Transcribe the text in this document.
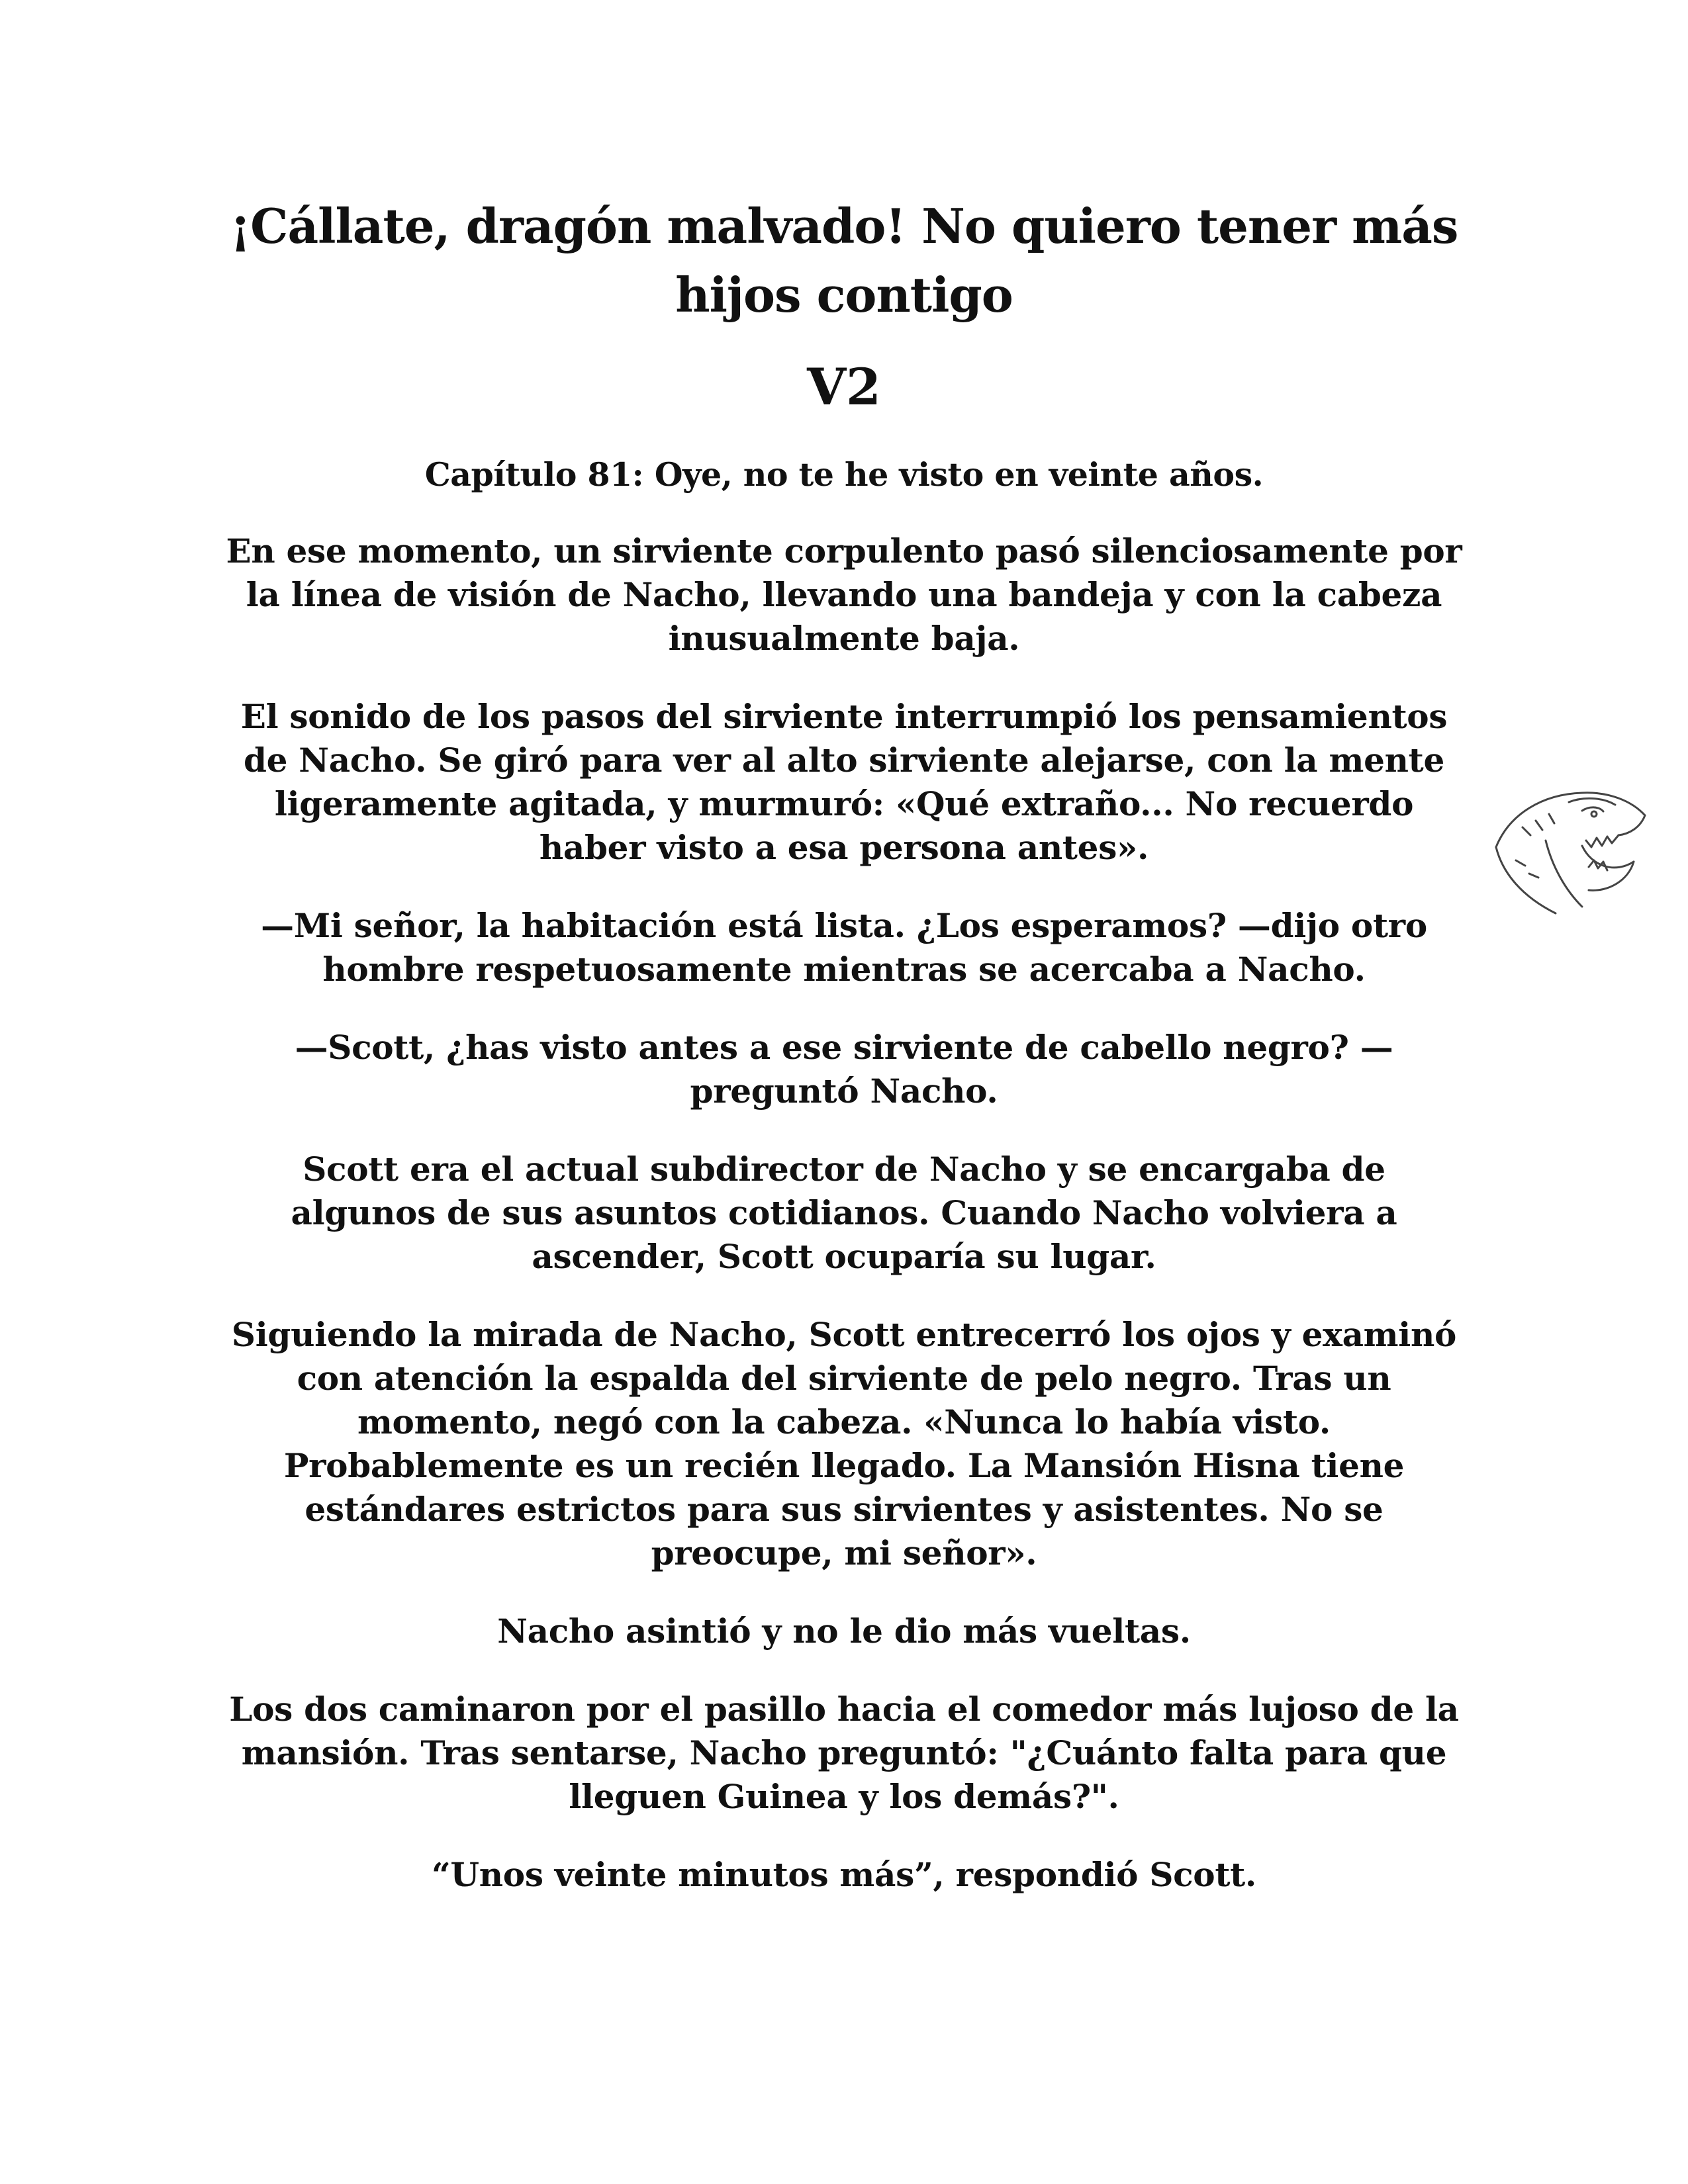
¡Cállate, dragón malvado! No quiero tener más hijos contigo
V2
Capítulo 81: Oye, no te he visto en veinte años.

En ese momento, un sirviente corpulento pasó silenciosamente por la línea de visión de Nacho, llevando una bandeja y con la cabeza inusualmente baja.

El sonido de los pasos del sirviente interrumpió los pensamientos de Nacho. Se giró para ver al alto sirviente alejarse, con la mente ligeramente agitada, y murmuró: «Qué extraño... No recuerdo haber visto a esa persona antes».

—Mi señor, la habitación está lista. ¿Los esperamos? —dijo otro hombre respetuosamente mientras se acercaba a Nacho.

—Scott, ¿has visto antes a ese sirviente de cabello negro? —preguntó Nacho.

Scott era el actual subdirector de Nacho y se encargaba de algunos de sus asuntos cotidianos. Cuando Nacho volviera a ascender, Scott ocuparía su lugar.

Siguiendo la mirada de Nacho, Scott entrecerró los ojos y examinó con atención la espalda del sirviente de pelo negro. Tras un momento, negó con la cabeza. «Nunca lo había visto. Probablemente es un recién llegado. La Mansión Hisna tiene estándares estrictos para sus sirvientes y asistentes. No se preocupe, mi señor».

Nacho asintió y no le dio más vueltas.

Los dos caminaron por el pasillo hacia el comedor más lujoso de la mansión. Tras sentarse, Nacho preguntó: "¿Cuánto falta para que lleguen Guinea y los demás?".

“Unos veinte minutos más”, respondió Scott.
